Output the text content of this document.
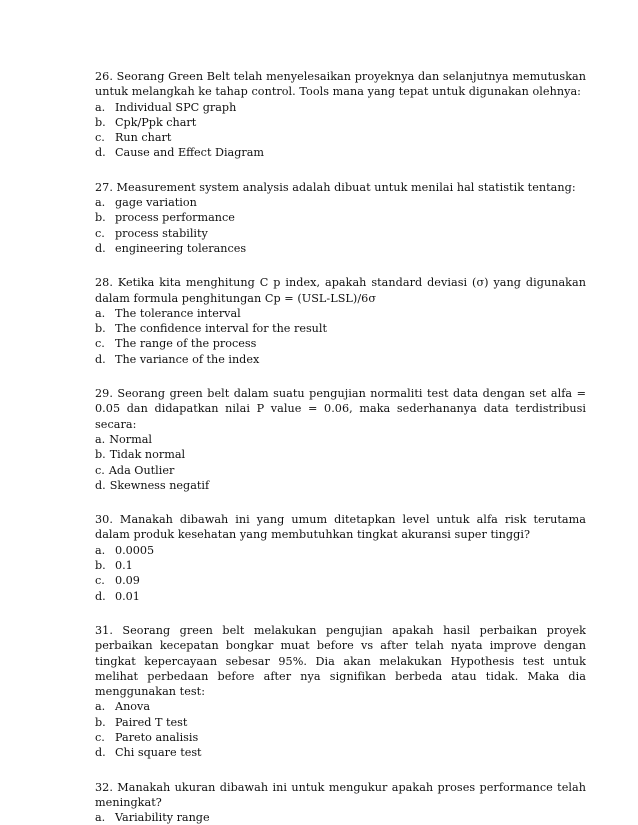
26. Seorang Green Belt telah menyelesaikan proyeknya dan selanjutnya memutuskan untuk melangkah ke tahap control. Tools mana yang tepat untuk digunakan olehnya:

a. Individual SPC graph
b. Cpk/Ppk chart
c. Run chart
d. Cause and Effect Diagram

27. Measurement system analysis adalah dibuat untuk menilai hal statistik tentang:

a. gage variation
b. process performance
c. process stability
d. engineering tolerances

28. Ketika kita menghitung C p index, apakah standard deviasi (σ) yang digunakan dalam formula penghitungan Cp = (USL-LSL)/6σ

a. The tolerance interval
b. The confidence interval for the result
c. The range of the process
d. The variance of the index

29. Seorang green belt dalam suatu pengujian normaliti test data dengan set alfa = 0.05 dan didapatkan nilai P value = 0.06, maka sederhananya data terdistribusi secara:

a. Normal
b. Tidak normal
c. Ada Outlier
d. Skewness negatif

30. Manakah dibawah ini yang umum ditetapkan level untuk alfa risk terutama dalam produk kesehatan yang membutuhkan tingkat akuransi super tinggi?

a. 0.0005
b. 0.1
c. 0.09
d. 0.01

31. Seorang green belt melakukan pengujian apakah hasil perbaikan proyek perbaikan kecepatan bongkar muat before vs after telah nyata improve dengan tingkat kepercayaan sebesar 95%. Dia akan melakukan Hypothesis test untuk melihat perbedaan before after nya signifikan berbeda atau tidak. Maka dia menggunakan test:

a. Anova
b. Paired T test
c. Pareto analisis
d. Chi square test

32. Manakah ukuran dibawah ini untuk mengukur apakah proses performance telah meningkat?

a. Variability range
